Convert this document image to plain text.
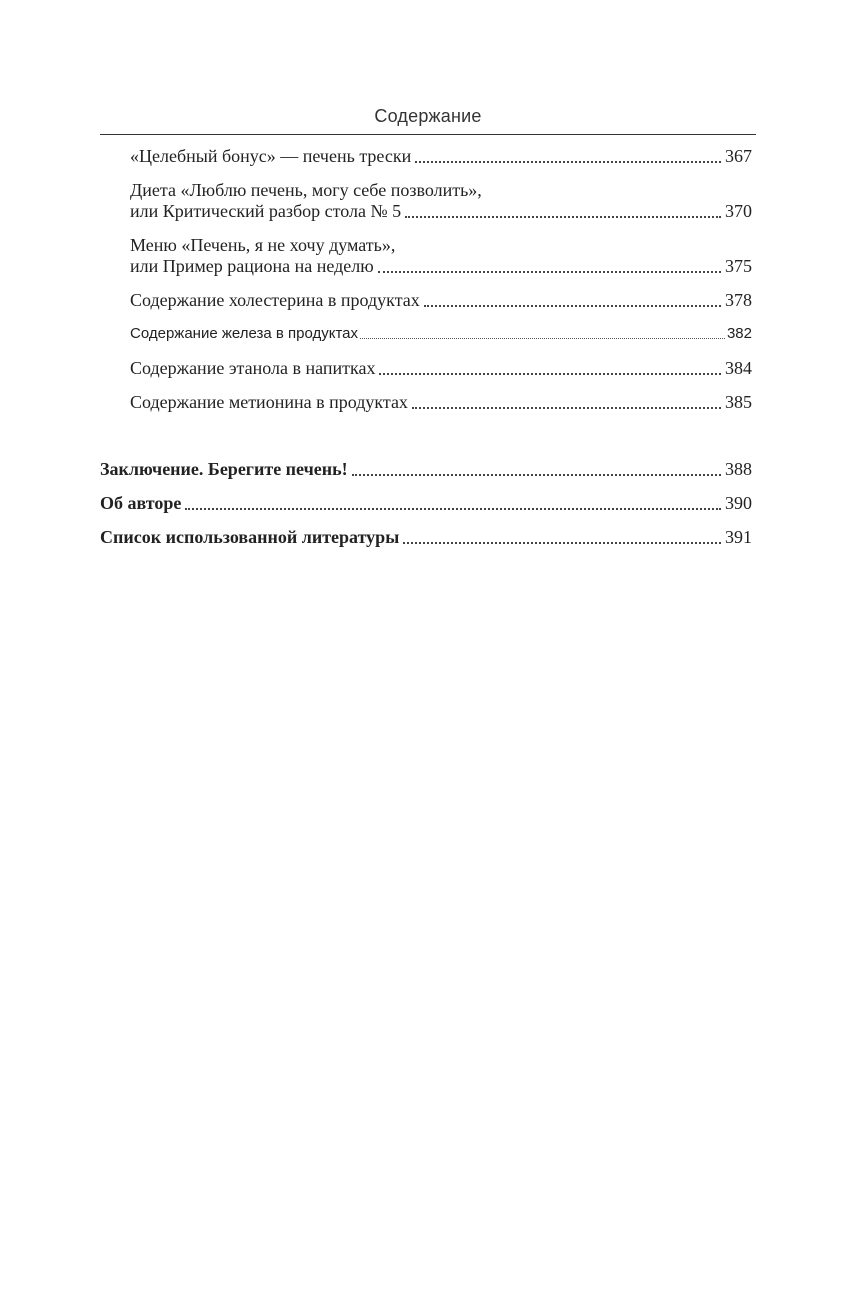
Содержание
«Целебный бонус» — печень трески	367
Диета «Люблю печень, могу себе позволить»,
или Критический разбор стола № 5	370
Меню «Печень, я не хочу думать»,
или Пример рациона на неделю	375
Содержание холестерина в продуктах	378
Содержание железа в продуктах	382
Содержание этанола в напитках	384
Содержание метионина в продуктах	385
Заключение. Берегите печень!	388
Об авторе	390
Список использованной литературы	391
